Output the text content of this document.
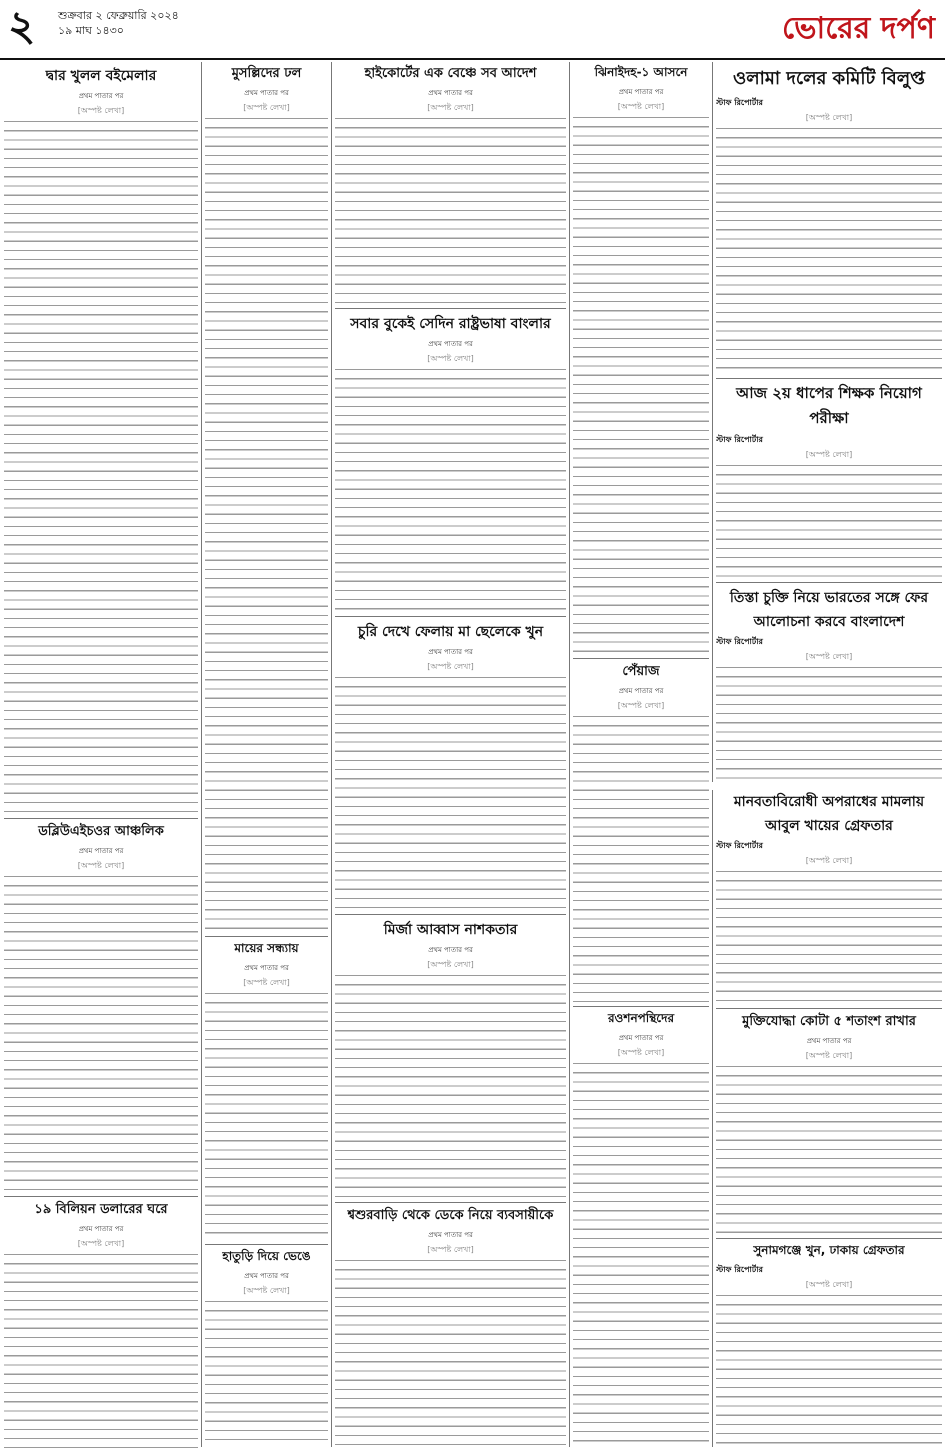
২ শুক্রবার ২ ফেব্রুয়ারি ২০২৪
১৯ মাঘ ১৪৩০	ভোরের দর্পণ
দ্বার খুলল বইমেলার
প্রথম পাতার পর
[অস্পষ্ট লেখা]
ডব্লিউএইচওর আঞ্চলিক
প্রথম পাতার পর
[অস্পষ্ট লেখা]
১৯ বিলিয়ন ডলারের ঘরে
প্রথম পাতার পর
[অস্পষ্ট লেখা]
মুসল্লিদের ঢল
প্রথম পাতার পর
[অস্পষ্ট লেখা]
মায়ের সন্ধ্যায়
প্রথম পাতার পর
[অস্পষ্ট লেখা]
হাতুড়ি দিয়ে ভেঙে
প্রথম পাতার পর
[অস্পষ্ট লেখা]
হাইকোর্টের এক বেঞ্চে সব আদেশ
প্রথম পাতার পর
[অস্পষ্ট লেখা]
সবার বুকেই সেদিন রাষ্ট্রভাষা বাংলার
প্রথম পাতার পর
[অস্পষ্ট লেখা]
চুরি দেখে ফেলায় মা ছেলেকে খুন
প্রথম পাতার পর
[অস্পষ্ট লেখা]
মির্জা আব্বাস নাশকতার
প্রথম পাতার পর
[অস্পষ্ট লেখা]
শ্বশুরবাড়ি থেকে ডেকে নিয়ে ব্যবসায়ীকে
প্রথম পাতার পর
[অস্পষ্ট লেখা]
ঝিনাইদহ-১ আসনে
প্রথম পাতার পর
[অস্পষ্ট লেখা]
পেঁয়াজ
প্রথম পাতার পর
[অস্পষ্ট লেখা]
রওশনপন্থিদের
প্রথম পাতার পর
[অস্পষ্ট লেখা]
ওলামা দলের কমিটি বিলুপ্ত
স্টাফ রিপোর্টার
[অস্পষ্ট লেখা]
আজ ২য় ধাপের শিক্ষক নিয়োগ পরীক্ষা
স্টাফ রিপোর্টার
[অস্পষ্ট লেখা]
তিস্তা চুক্তি নিয়ে ভারতের সঙ্গে ফের আলোচনা করবে বাংলাদেশ
স্টাফ রিপোর্টার
[অস্পষ্ট লেখা]
মানবতাবিরোধী অপরাধের মামলায় আবুল খায়ের গ্রেফতার
স্টাফ রিপোর্টার
[অস্পষ্ট লেখা]
মুক্তিযোদ্ধা কোটা ৫ শতাংশ রাখার
প্রথম পাতার পর
[অস্পষ্ট লেখা]
সুনামগঞ্জে খুন, ঢাকায় গ্রেফতার
স্টাফ রিপোর্টার
[অস্পষ্ট লেখা]
